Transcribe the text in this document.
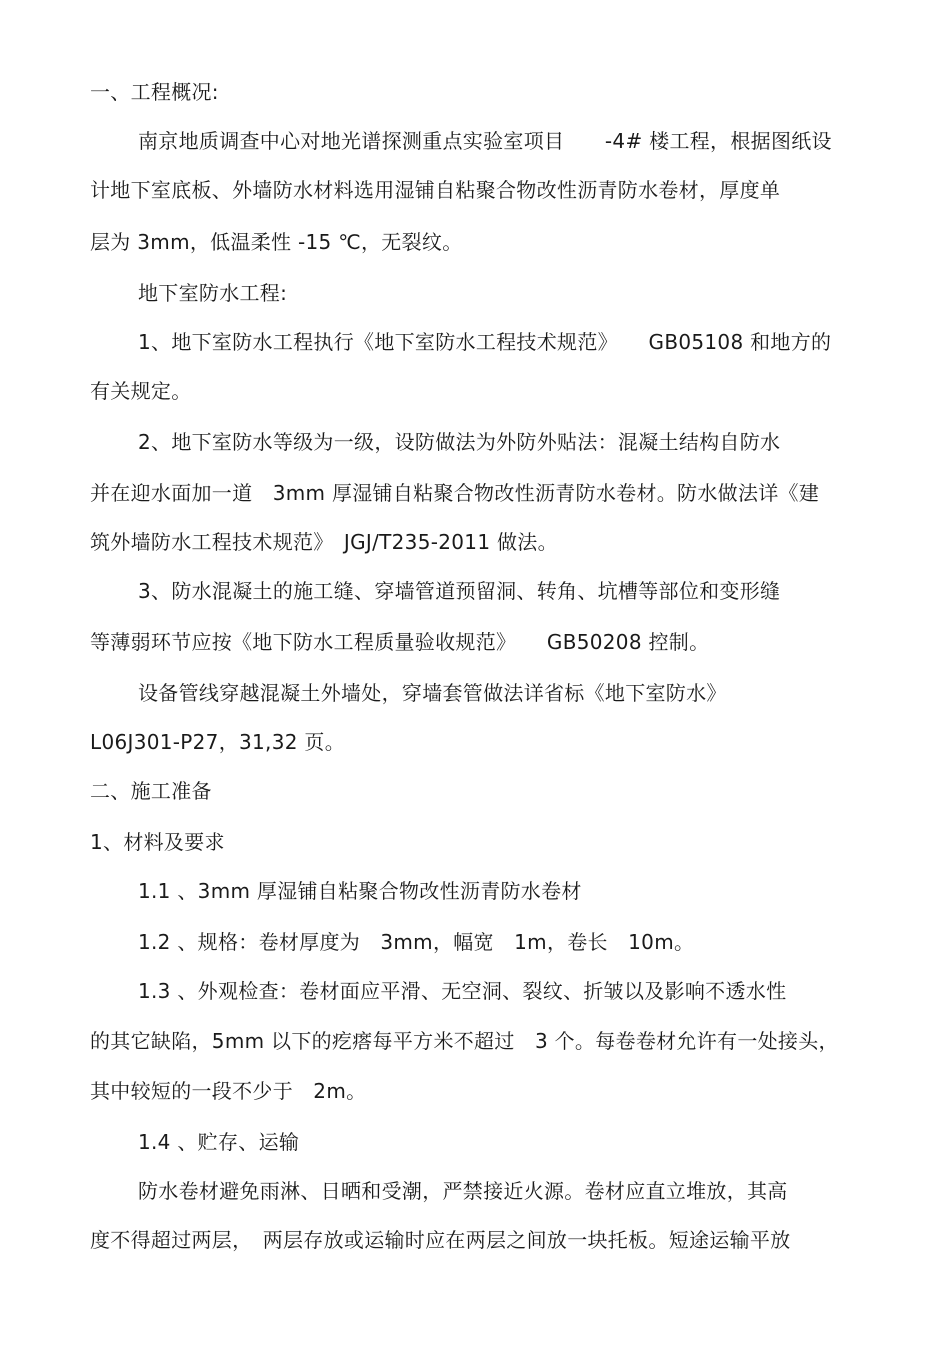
一、工程概况:
南京地质调查中心对地光谱探测重点实验室项目　　-4# 楼工程，根据图纸设
计地下室底板、外墙防水材料选用湿铺自粘聚合物改性沥青防水卷材，厚度单
层为 3mm，低温柔性 -15 ℃，无裂纹。
地下室防水工程:
1、地下室防水工程执行《地下室防水工程技术规范》　　GB05108 和地方的
有关规定。
2、地下室防水等级为一级，设防做法为外防外贴法：混凝土结构自防水
并在迎水面加一道　3mm 厚湿铺自粘聚合物改性沥青防水卷材。防水做法详《建
筑外墙防水工程技术规范》　JGJ/T235-2011 做法。
3、防水混凝土的施工缝、穿墙管道预留洞、转角、坑槽等部位和变形缝
等薄弱环节应按《地下防水工程质量验收规范》　　GB50208 控制。
设备管线穿越混凝土外墙处，穿墙套管做法详省标《地下室防水》
L06J301-P27，31,32 页。
二、施工准备
1、材料及要求
1.1 、3mm 厚湿铺自粘聚合物改性沥青防水卷材
1.2 、规格：卷材厚度为　3mm，幅宽　1m，卷长　10m。
1.3 、外观检查：卷材面应平滑、无空洞、裂纹、折皱以及影响不透水性
的其它缺陷，5mm 以下的疙瘩每平方米不超过　3 个。每卷卷材允许有一处接头，
其中较短的一段不少于　2m。
1.4 、贮存、运输
防水卷材避免雨淋、日晒和受潮，严禁接近火源。卷材应直立堆放，其高
度不得超过两层，　两层存放或运输时应在两层之间放一块托板。短途运输平放
